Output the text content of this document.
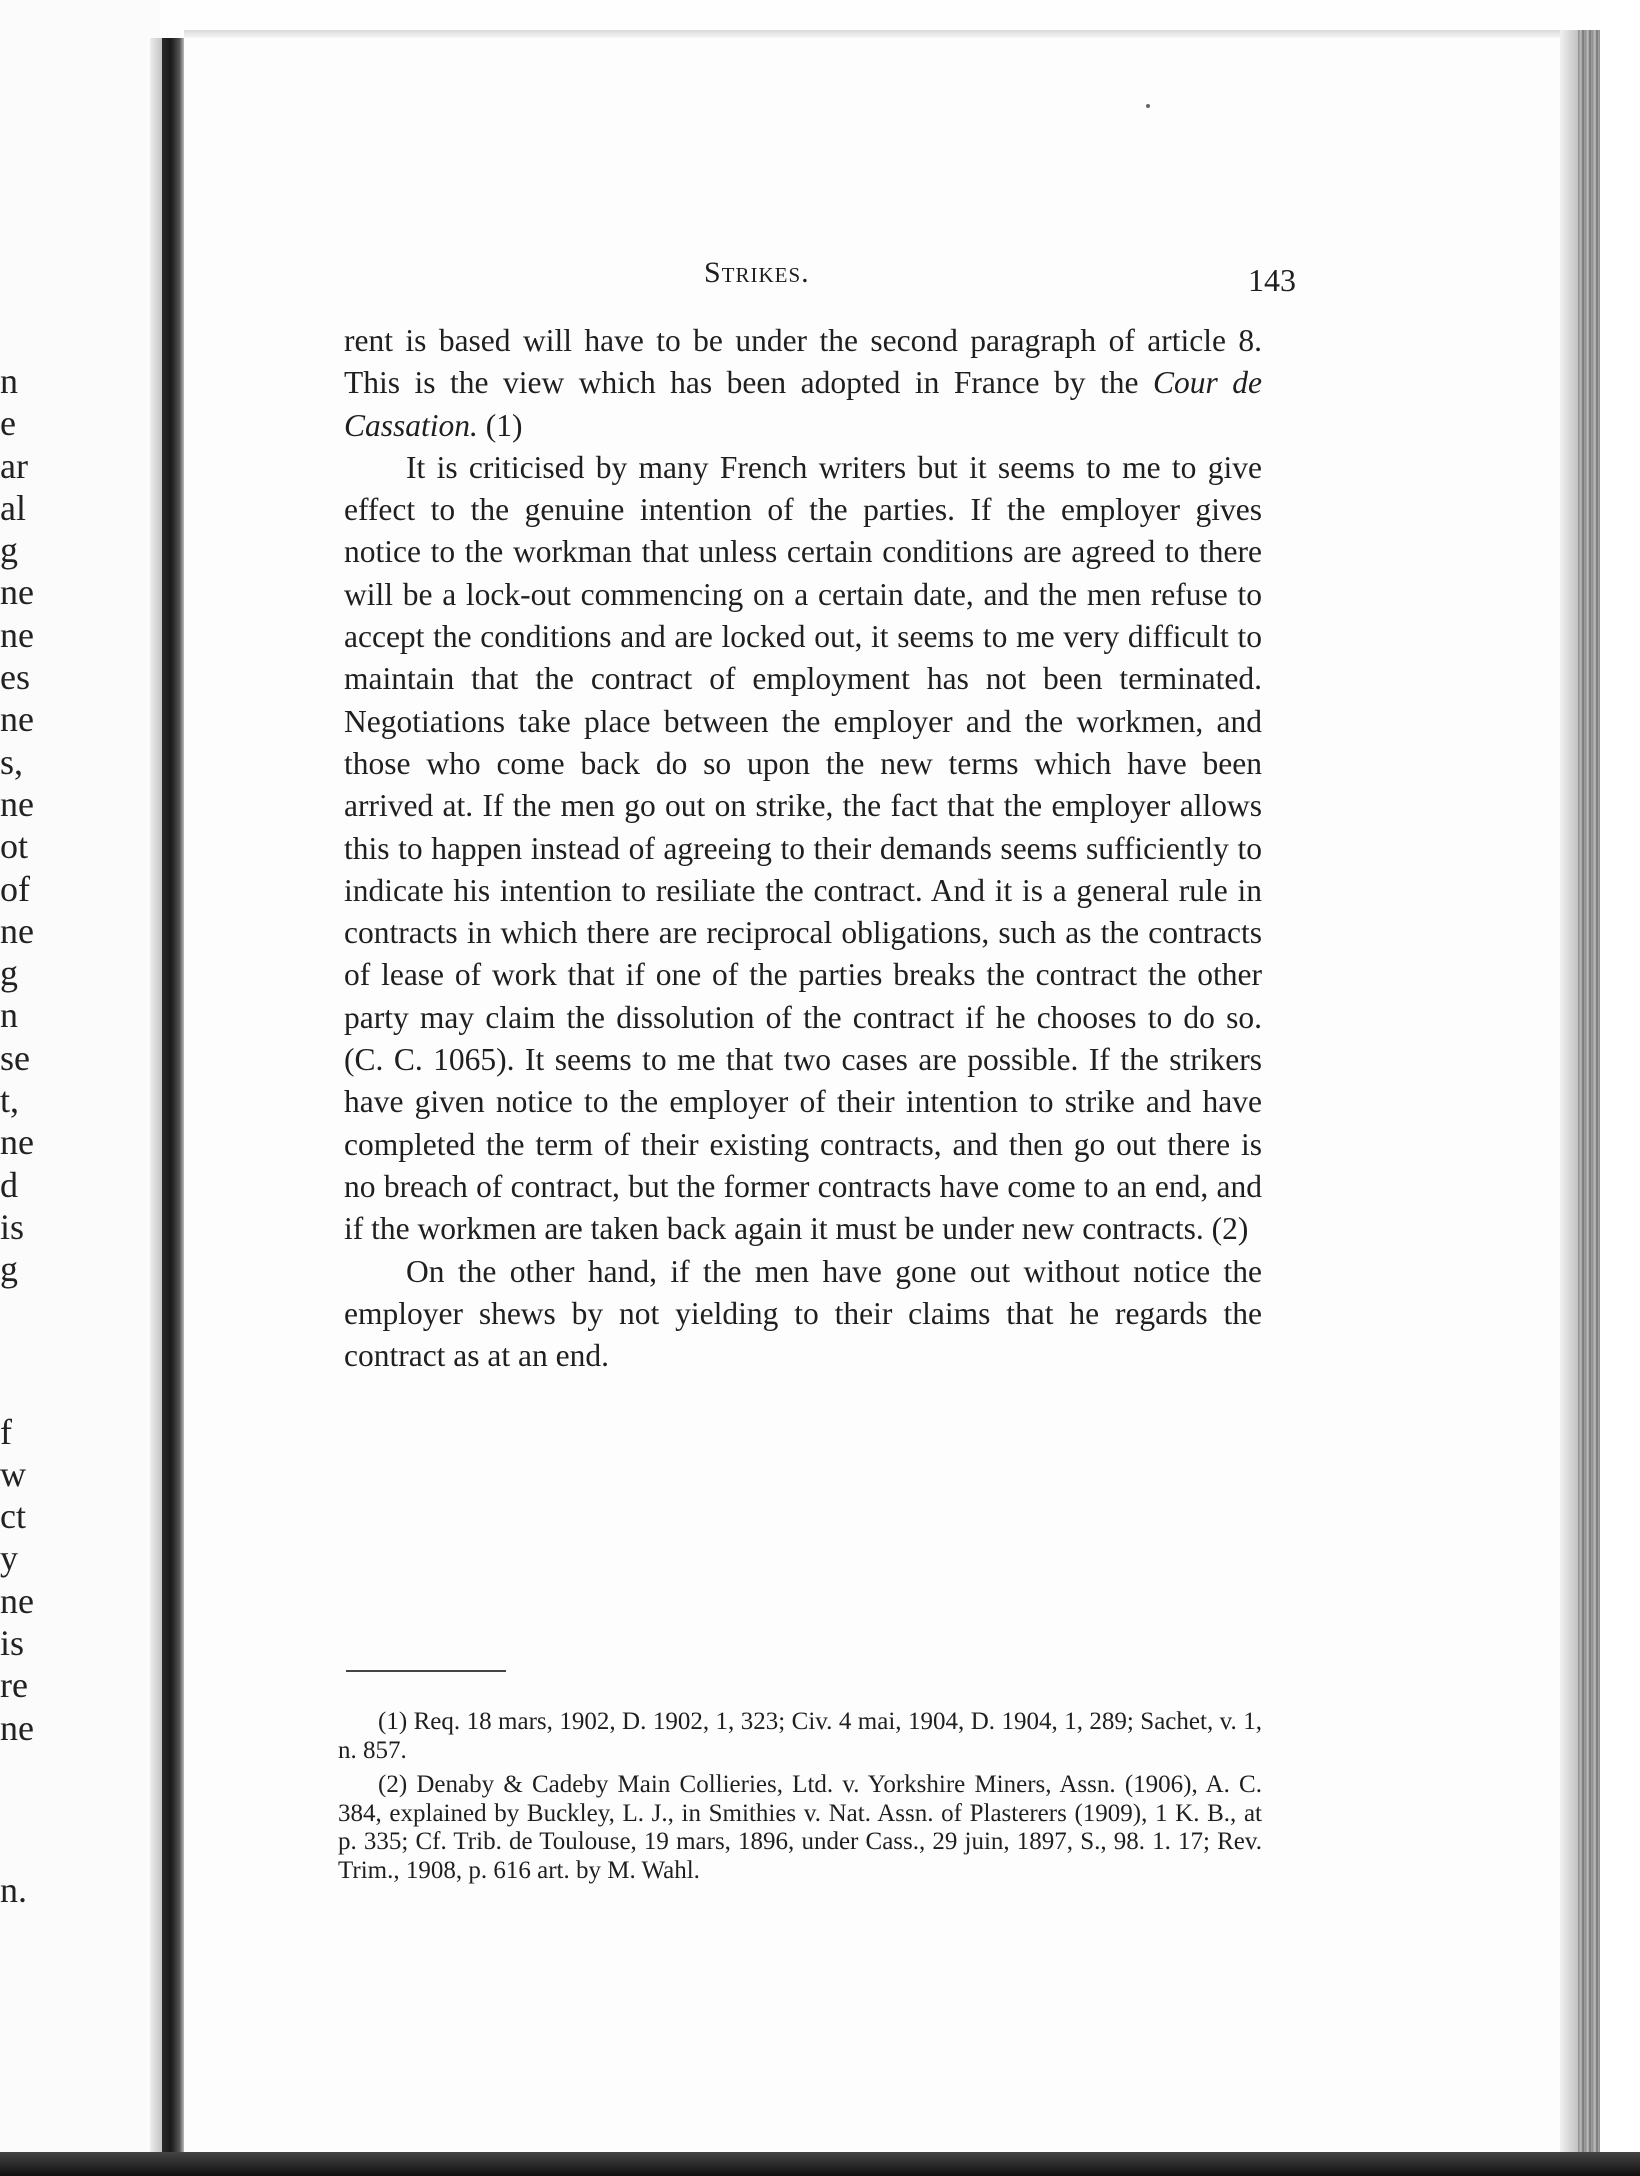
n
e
ar
al
g
ne
ne
es
ne
s,
ne
ot
of
ne
g
n
se
t,
ne
d
is
g
f
w
ct
y
ne
is
re
ne
n.
Strikes.	143

rent is based will have to be under the second paragraph of article 8. This is the view which has been adopted in France by the Cour de Cassation. (1)

It is criticised by many French writers but it seems to me to give effect to the genuine intention of the parties. If the employer gives notice to the workman that unless certain conditions are agreed to there will be a lock-out commencing on a certain date, and the men refuse to accept the conditions and are locked out, it seems to me very difficult to maintain that the contract of employment has not been terminated. Negotiations take place between the employer and the workmen, and those who come back do so upon the new terms which have been arrived at. If the men go out on strike, the fact that the employer allows this to happen instead of agreeing to their demands seems sufficiently to indicate his intention to resiliate the contract. And it is a general rule in contracts in which there are reciprocal obligations, such as the contracts of lease of work that if one of the parties breaks the contract the other party may claim the dissolution of the contract if he chooses to do so. (C. C. 1065). It seems to me that two cases are possible. If the strikers have given notice to the employer of their intention to strike and have completed the term of their existing contracts, and then go out there is no breach of contract, but the former contracts have come to an end, and if the workmen are taken back again it must be under new contracts. (2)

On the other hand, if the men have gone out without notice the employer shews by not yielding to their claims that he regards the contract as at an end.

(1) Req. 18 mars, 1902, D. 1902, 1, 323; Civ. 4 mai, 1904, D. 1904, 1, 289; Sachet, v. 1, n. 857.

(2) Denaby & Cadeby Main Collieries, Ltd. v. Yorkshire Miners, Assn. (1906), A. C. 384, explained by Buckley, L. J., in Smithies v. Nat. Assn. of Plasterers (1909), 1 K. B., at p. 335; Cf. Trib. de Toulouse, 19 mars, 1896, under Cass., 29 juin, 1897, S., 98. 1. 17; Rev. Trim., 1908, p. 616 art. by M. Wahl.
